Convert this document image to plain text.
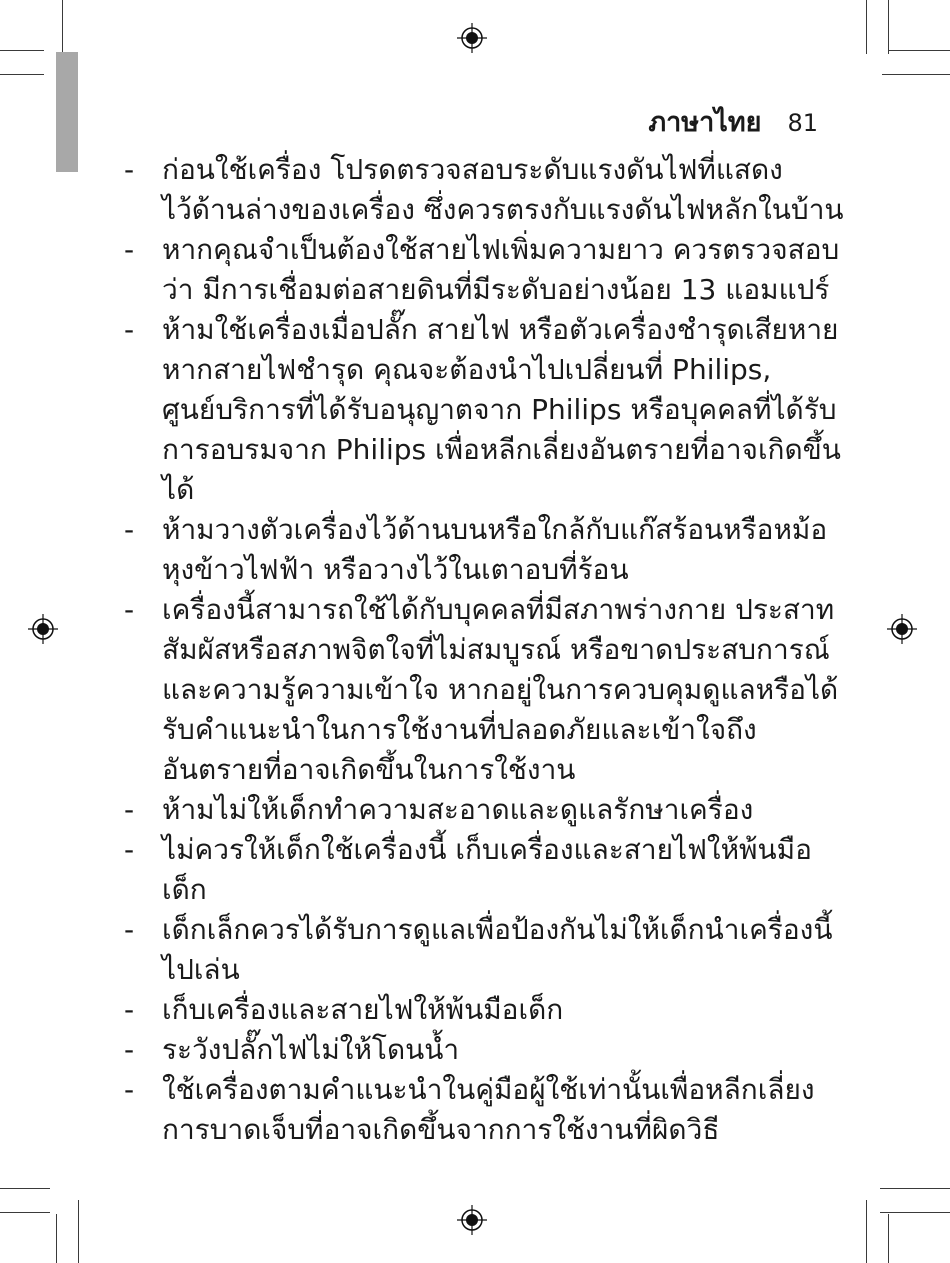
ภาษาไทย 81
- ก่อนใช้เครื่อง โปรดตรวจสอบระดับแรงดันไฟที่แสดง
ไว้ด้านล่างของเครื่อง ซึ่งควรตรงกับแรงดันไฟหลักในบ้าน
- หากคุณจำเป็นต้องใช้สายไฟเพิ่มความยาว ควรตรวจสอบ
ว่า มีการเชื่อมต่อสายดินที่มีระดับอย่างน้อย 13 แอมแปร์
- ห้ามใช้เครื่องเมื่อปลั๊ก สายไฟ หรือตัวเครื่องชำรุดเสียหาย
หากสายไฟชำรุด คุณจะต้องนำไปเปลี่ยนที่ Philips,
ศูนย์บริการที่ได้รับอนุญาตจาก Philips หรือบุคคลที่ได้รับ
การอบรมจาก Philips เพื่อหลีกเลี่ยงอันตรายที่อาจเกิดขึ้น
ได้
- ห้ามวางตัวเครื่องไว้ด้านบนหรือใกล้กับแก๊สร้อนหรือหม้อ
หุงข้าวไฟฟ้า หรือวางไว้ในเตาอบที่ร้อน
- เครื่องนี้สามารถใช้ได้กับบุคคลที่มีสภาพร่างกาย ประสาท
สัมผัสหรือสภาพจิตใจที่ไม่สมบูรณ์ หรือขาดประสบการณ์
และความรู้ความเข้าใจ หากอยู่ในการควบคุมดูแลหรือได้
รับคำแนะนำในการใช้งานที่ปลอดภัยและเข้าใจถึง
อันตรายที่อาจเกิดขึ้นในการใช้งาน
- ห้ามไม่ให้เด็กทำความสะอาดและดูแลรักษาเครื่อง
- ไม่ควรให้เด็กใช้เครื่องนี้ เก็บเครื่องและสายไฟให้พ้นมือ
เด็ก
- เด็กเล็กควรได้รับการดูแลเพื่อป้องกันไม่ให้เด็กนำเครื่องนี้
ไปเล่น
- เก็บเครื่องและสายไฟให้พ้นมือเด็ก
- ระวังปลั๊กไฟไม่ให้โดนน้ำ
- ใช้เครื่องตามคำแนะนำในคู่มือผู้ใช้เท่านั้นเพื่อหลีกเลี่ยง
การบาดเจ็บที่อาจเกิดขึ้นจากการใช้งานที่ผิดวิธี
